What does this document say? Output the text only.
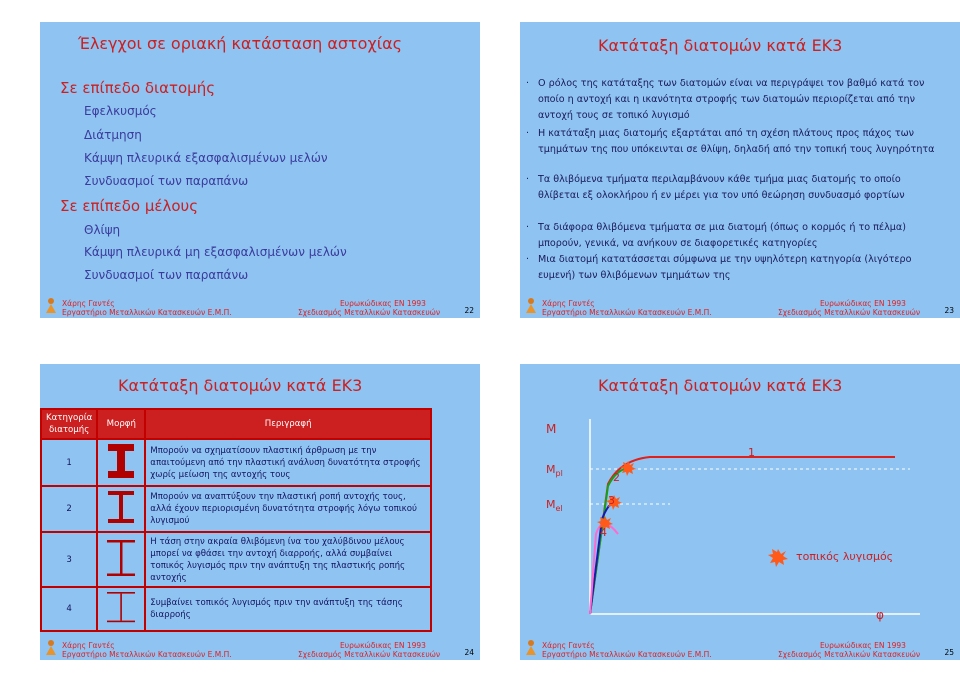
Έλεγχοι σε οριακή κατάσταση αστοχίας
Σε επίπεδο διατομής
Εφελκυσμός
Διάτμηση
Κάμψη πλευρικά εξασφαλισμένων μελών
Συνδυασμοί των παραπάνω
Σε επίπεδο μέλους
Θλίψη
Κάμψη πλευρικά μη εξασφαλισμένων μελών
Συνδυασμοί των παραπάνω
Χάρης Γαντές
Εργαστήριο Μεταλλικών Κατασκευών Ε.Μ.Π.
Ευρωκώδικας EN 1993
Σχεδιασμός Μεταλλικών Κατασκευών	22
Κατάταξη διατομών κατά ΕΚ3
· Ο ρόλος της κατάταξης των διατομών είναι να περιγράψει τον βαθμό κατά τον οποίο η αντοχή και η ικανότητα στροφής των διατομών περιορίζεται από την αντοχή τους σε τοπικό λυγισμό
· Η κατάταξη μιας διατομής εξαρτάται από τη σχέση πλάτους προς πάχος των τμημάτων της που υπόκεινται σε θλίψη, δηλαδή από την τοπική τους λυγηρότητα
· Τα θλιβόμενα τμήματα περιλαμβάνουν κάθε τμήμα μιας διατομής το οποίο θλίβεται εξ ολοκλήρου ή εν μέρει για τον υπό θεώρηση συνδυασμό φορτίων
· Τα διάφορα θλιβόμενα τμήματα σε μια διατομή (όπως ο κορμός ή το πέλμα) μπορούν, γενικά, να ανήκουν σε διαφορετικές κατηγορίες
· Μια διατομή κατατάσσεται σύμφωνα με την υψηλότερη κατηγορία (λιγότερο ευμενή) των θλιβόμενων τμημάτων της
Χάρης Γαντές
Εργαστήριο Μεταλλικών Κατασκευών Ε.Μ.Π.
Ευρωκώδικας EN 1993
Σχεδιασμός Μεταλλικών Κατασκευών	23
Κατάταξη διατομών κατά ΕΚ3
Κατηγορία διατομής	Μορφή	Περιγραφή
1		Μπορούν να σχηματίσουν πλαστική άρθρωση με την απαιτούμενη από την πλαστική ανάλυση δυνατότητα στροφής χωρίς μείωση της αντοχής τους
2		Μπορούν να αναπτύξουν την πλαστική ροπή αντοχής τους, αλλά έχουν περιορισμένη δυνατότητα στροφής λόγω τοπικού λυγισμού
3		Η τάση στην ακραία θλιβόμενη ίνα του χαλύβδινου μέλους μπορεί να φθάσει την αντοχή διαρροής, αλλά συμβαίνει τοπικός λυγισμός πριν την ανάπτυξη της πλαστικής ροπής αντοχής
4		Συμβαίνει τοπικός λυγισμός πριν την ανάπτυξη της τάσης διαρροής
Χάρης Γαντές
Εργαστήριο Μεταλλικών Κατασκευών Ε.Μ.Π.
Ευρωκώδικας EN 1993
Σχεδιασμός Μεταλλικών Κατασκευών	24
Κατάταξη διατομών κατά ΕΚ3
M
$M_{pl}$
$M_{el}$
1
2
3
4
τοπικός λυγισμός
φ
Χάρης Γαντές
Εργαστήριο Μεταλλικών Κατασκευών Ε.Μ.Π.
Ευρωκώδικας EN 1993
Σχεδιασμός Μεταλλικών Κατασκευών	25
